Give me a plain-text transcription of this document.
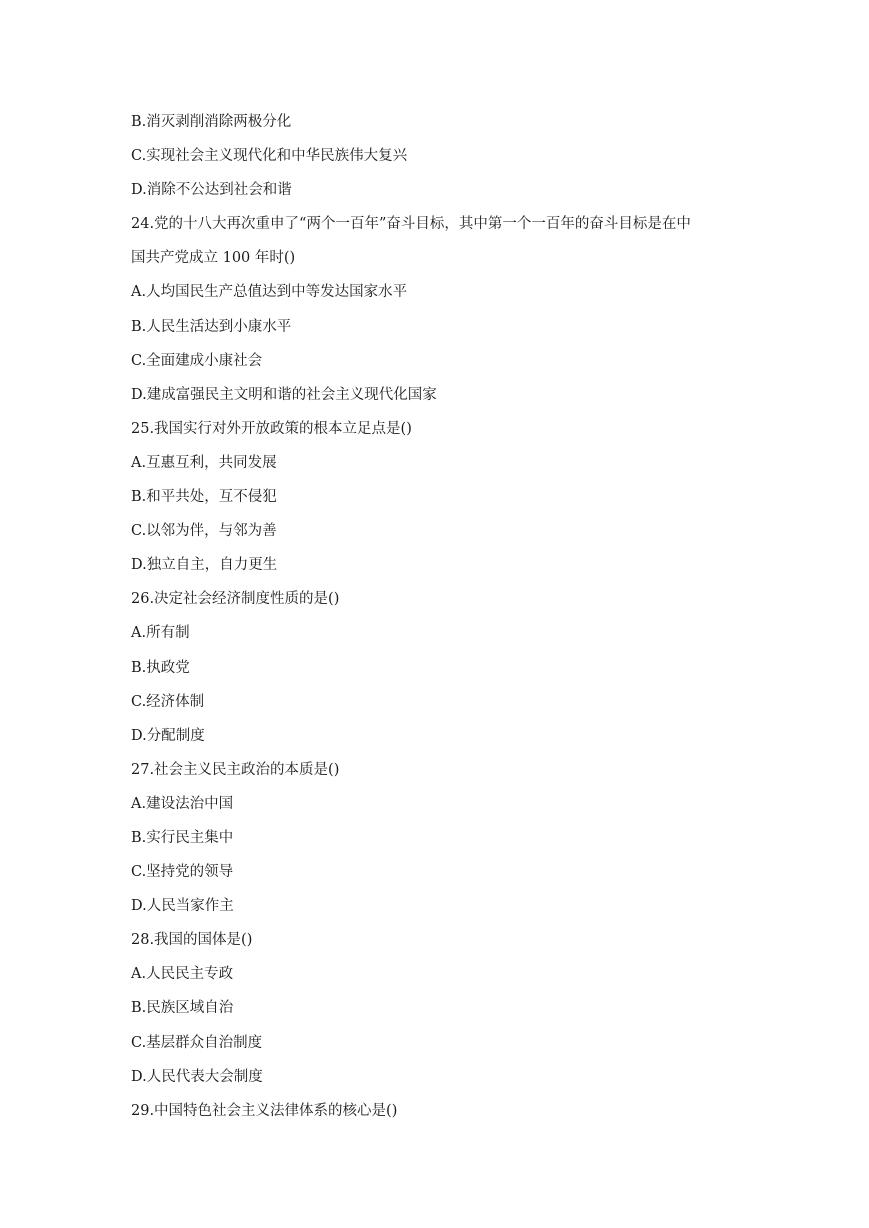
B.消灭剥削消除两极分化
C.实现社会主义现代化和中华民族伟大复兴
D.消除不公达到社会和谐
24.党的十八大再次重申了“两个一百年”奋斗目标，其中第一个一百年的奋斗目标是在中
国共产党成立 100 年时()
A.人均国民生产总值达到中等发达国家水平
B.人民生活达到小康水平
C.全面建成小康社会
D.建成富强民主文明和谐的社会主义现代化国家
25.我国实行对外开放政策的根本立足点是()
A.互惠互利，共同发展
B.和平共处，互不侵犯
C.以邻为伴，与邻为善
D.独立自主，自力更生
26.决定社会经济制度性质的是()
A.所有制
B.执政党
C.经济体制
D.分配制度
27.社会主义民主政治的本质是()
A.建设法治中国
B.实行民主集中
C.坚持党的领导
D.人民当家作主
28.我国的国体是()
A.人民民主专政
B.民族区域自治
C.基层群众自治制度
D.人民代表大会制度
29.中国特色社会主义法律体系的核心是()
